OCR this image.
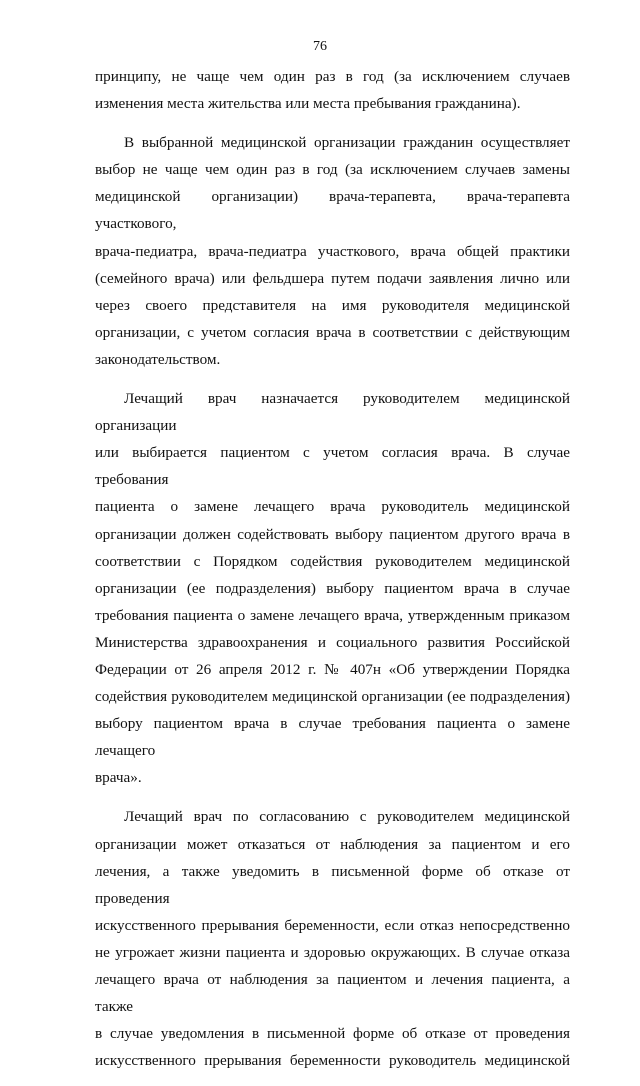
76
принципу, не чаще чем один раз в год (за исключением случаев
изменения места жительства или места пребывания гражданина).
В выбранной медицинской организации гражданин осуществляет
выбор не чаще чем один раз в год (за исключением случаев замены
медицинской организации) врача-терапевта, врача-терапевта участкового,
врача-педиатра, врача-педиатра участкового, врача общей практики
(семейного врача) или фельдшера путем подачи заявления лично или
через своего представителя на имя руководителя медицинской
организации, с учетом согласия врача в соответствии с действующим
законодательством.
Лечащий врач назначается руководителем медицинской организации
или выбирается пациентом с учетом согласия врача. В случае требования
пациента о замене лечащего врача руководитель медицинской
организации должен содействовать выбору пациентом другого врача в
соответствии с Порядком содействия руководителем медицинской
организации (ее подразделения) выбору пациентом врача в случае
требования пациента о замене лечащего врача, утвержденным приказом
Министерства здравоохранения и социального развития Российской
Федерации от 26 апреля 2012 г. № 407н «Об утверждении Порядка
содействия руководителем медицинской организации (ее подразделения)
выбору пациентом врача в случае требования пациента о замене лечащего
врача».
Лечащий врач по согласованию с руководителем медицинской
организации может отказаться от наблюдения за пациентом и его
лечения, а также уведомить в письменной форме об отказе от проведения
искусственного прерывания беременности, если отказ непосредственно
не угрожает жизни пациента и здоровью окружающих. В случае отказа
лечащего врача от наблюдения за пациентом и лечения пациента, а также
в случае уведомления в письменной форме об отказе от проведения
искусственного прерывания беременности руководитель медицинской
